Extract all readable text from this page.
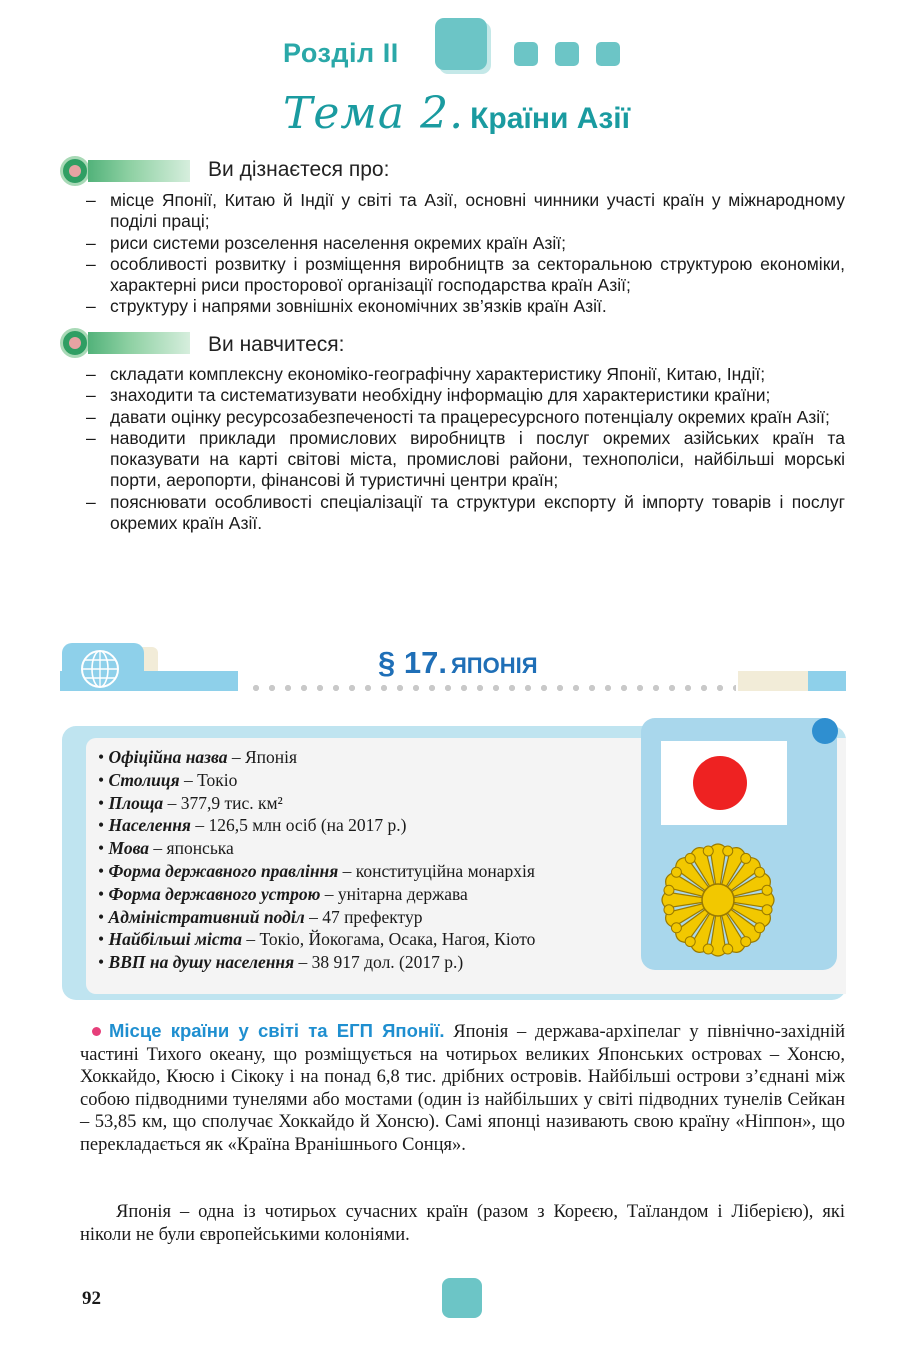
Розділ ІІ
Тема 2. Країни Азії
Ви дізнаєтеся про:
– місце Японії, Китаю й Індії у світі та Азії, основні чинники участі країн у міжнародному поділі праці;
– риси системи розселення населення окремих країн Азії;
– особливості розвитку і розміщення виробництв за секторальною структурою економіки, характерні риси просторової організації господарства країн Азії;
– структуру і напрями зовнішніх економічних зв’язків країн Азії.
Ви навчитеся:
– складати комплексну економіко-географічну характеристику Японії, Китаю, Індії;
– знаходити та систематизувати необхідну інформацію для характеристики країни;
– давати оцінку ресурсозабезпеченості та працересурсного потенціалу окремих країн Азії;
– наводити приклади промислових виробництв і послуг окремих азійських країн та показувати на карті світові міста, промислові райони, технополіси, найбільші морські порти, аеропорти, фінансові й туристичні центри країн;
– пояснювати особливості спеціалізації та структури експорту й імпорту товарів і послуг окремих країн Азії.
§ 17. ЯПОНІЯ
• Офіційна назва – Японія
• Столиця – Токіо
• Площа – 377,9 тис. км²
• Населення – 126,5 млн осіб (на 2017 р.)
• Мова – японська
• Форма державного правління – конституційна монархія
• Форма державного устрою – унітарна держава
• Адміністративний поділ – 47 префектур
• Найбільші міста – Токіо, Йокогама, Осака, Нагоя, Кіото
• ВВП на душу населення – 38 917 дол. (2017 р.)

Місце країни у світі та ЕГП Японії. Японія – держава-архіпелаг у північно-західній частині Тихого океану, що розміщується на чотирьох великих Японських островах – Хонсю, Хоккайдо, Кюсю і Сікоку і на понад 6,8 тис. дрібних островів. Найбільші острови з’єднані між собою підводними тунелями або мостами (один із найбільших у світі підводних тунелів Сейкан – 53,85 км, що сполучає Хоккайдо й Хонсю). Самі японці називають свою країну «Ніппон», що перекладається як «Країна Вранішнього Сонця».

Японія – одна із чотирьох сучасних країн (разом з Кореєю, Таїландом і Ліберією), які ніколи не були європейськими колоніями.

92
